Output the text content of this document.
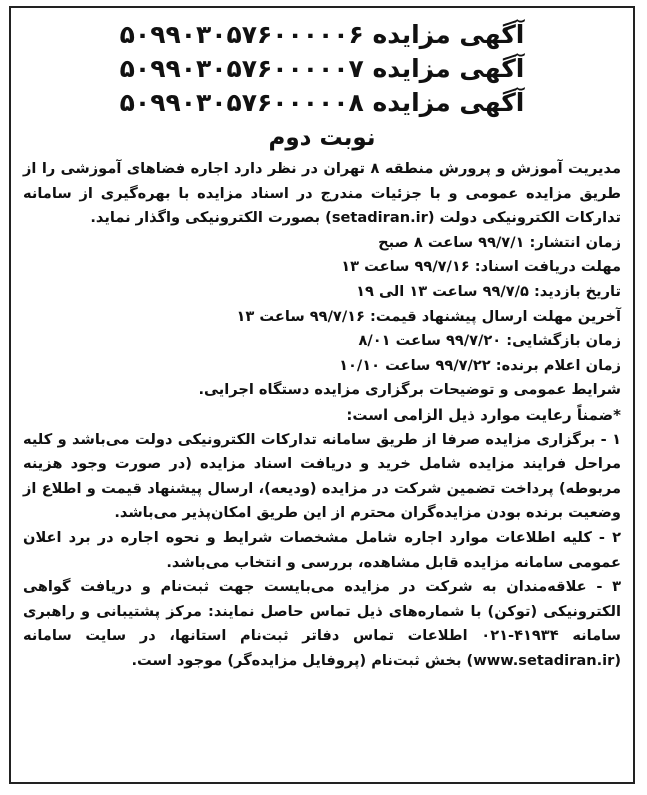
آگهی مزایده ۵۰۹۹۰۳۰۵۷۶۰۰۰۰۰۶
آگهی مزایده ۵۰۹۹۰۳۰۵۷۶۰۰۰۰۰۷
آگهی مزایده ۵۰۹۹۰۳۰۵۷۶۰۰۰۰۰۸
نوبت دوم

مدیریت آموزش و پرورش منطقه ۸ تهران در نظر دارد اجاره فضاهای آموزشی را از طریق مزایده عمومی و با جزئیات مندرج در اسناد مزایده با بهره‌گیری از سامانه تدارکات الکترونیکی دولت (setadiran.ir) بصورت الکترونیکی واگذار نماید.

زمان انتشار: ۹۹/۷/۱ ساعت ۸ صبح
مهلت دریافت اسناد: ۹۹/۷/۱۶ ساعت ۱۳
تاریخ بازدید: ۹۹/۷/۵ ساعت ۱۳ الی ۱۹
آخرین مهلت ارسال پیشنهاد قیمت: ۹۹/۷/۱۶ ساعت ۱۳
زمان بازگشایی: ۹۹/۷/۲۰ ساعت ۸/۰۱
زمان اعلام برنده: ۹۹/۷/۲۲ ساعت ۱۰/۱۰
شرایط عمومی و توضیحات برگزاری مزایده دستگاه اجرایی.
*ضمناً رعایت موارد ذیل الزامی است:

۱ - برگزاری مزایده صرفا از طریق سامانه تدارکات الکترونیکی دولت می‌باشد و کلیه مراحل فرایند مزایده شامل خرید و دریافت اسناد مزایده (در صورت وجود هزینه مربوطه) پرداخت تضمین شرکت در مزایده (ودیعه)، ارسال پیشنهاد قیمت و اطلاع از وضعیت برنده بودن مزایده‌گران محترم از این طریق امکان‌پذیر می‌باشد.

۲ - کلیه اطلاعات موارد اجاره شامل مشخصات شرایط و نحوه اجاره در برد اعلان عمومی سامانه مزایده قابل مشاهده، بررسی و انتخاب می‌باشد.

۳ - علاقه‌مندان به شرکت در مزایده می‌بایست جهت ثبت‌نام و دریافت گواهی الکترونیکی (توکن) با شماره‌های ذیل تماس حاصل نمایند: مرکز پشتیبانی و راهبری سامانه ۴۱۹۳۴-۰۲۱ اطلاعات تماس دفاتر ثبت‌نام استانها، در سایت سامانه (www.setadiran.ir) بخش ثبت‌نام (پروفایل مزایده‌گر) موجود است.
